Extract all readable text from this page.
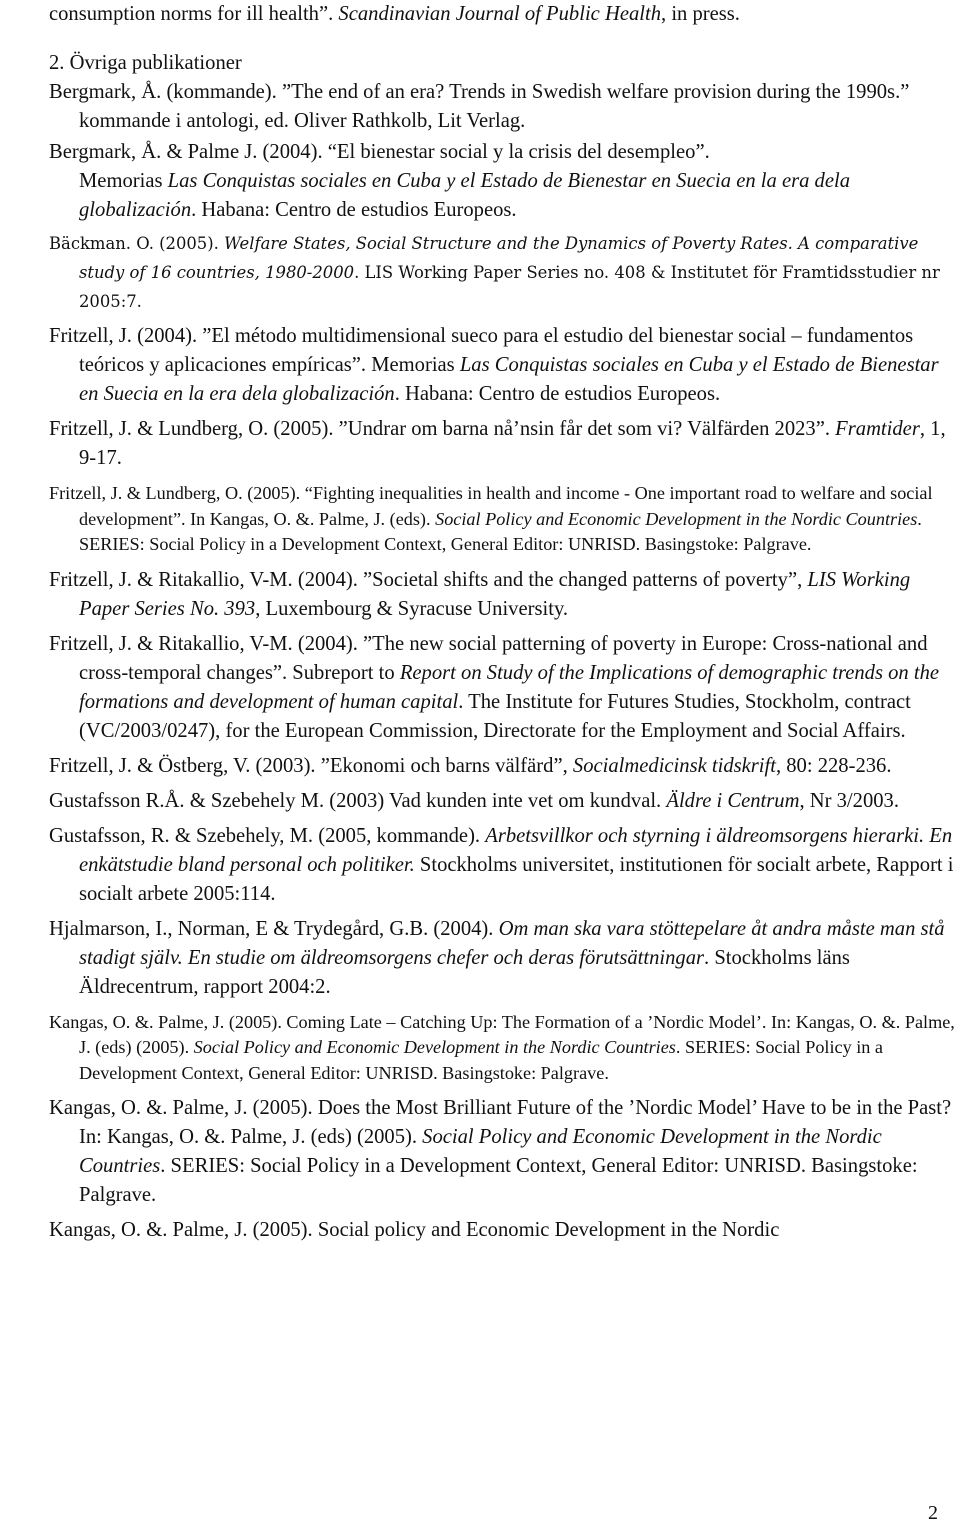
consumption norms for ill health”. Scandinavian Journal of Public Health, in press.

2. Övriga publikationer

Bergmark, Å. (kommande). ”The end of an era? Trends in Swedish welfare provision during the 1990s.” kommande i antologi, ed. Oliver Rathkolb, Lit Verlag.

Bergmark, Å. & Palme J. (2004). “El bienestar social y la crisis del desempleo”.

Memorias Las Conquistas sociales en Cuba y el Estado de Bienestar en Suecia en la era dela globalización. Habana: Centro de estudios Europeos.

Bäckman. O. (2005). Welfare States, Social Structure and the Dynamics of Poverty Rates. A comparative study of 16 countries, 1980-2000. LIS Working Paper Series no. 408 & Institutet för Framtidsstudier nr 2005:7.

Fritzell, J. (2004). ”El método multidimensional sueco para el estudio del bienestar social – fundamentos teóricos y aplicaciones empíricas”. Memorias Las Conquistas sociales en Cuba y el Estado de Bienestar en Suecia en la era dela globalización. Habana: Centro de estudios Europeos.

Fritzell, J. & Lundberg, O. (2005). ”Undrar om barna nå’nsin får det som vi? Välfärden 2023”. Framtider, 1, 9-17.

Fritzell, J. & Lundberg, O. (2005). “Fighting inequalities in health and income - One important road to welfare and social development”. In Kangas, O. &. Palme, J. (eds). Social Policy and Economic Development in the Nordic Countries. SERIES: Social Policy in a Development Context, General Editor: UNRISD. Basingstoke: Palgrave.

Fritzell, J. & Ritakallio, V-M. (2004). ”Societal shifts and the changed patterns of poverty”, LIS Working Paper Series No. 393, Luxembourg & Syracuse University.

Fritzell, J. & Ritakallio, V-M. (2004). ”The new social patterning of poverty in Europe: Cross-national and cross-temporal changes”. Subreport to Report on Study of the Implications of demographic trends on the formations and development of human capital. The Institute for Futures Studies, Stockholm, contract (VC/2003/0247), for the European Commission, Directorate for the Employment and Social Affairs.

Fritzell, J. & Östberg, V. (2003). ”Ekonomi och barns välfärd”, Socialmedicinsk tidskrift, 80: 228-236.

Gustafsson R.Å. & Szebehely M. (2003) Vad kunden inte vet om kundval. Äldre i Centrum, Nr 3/2003.

Gustafsson, R. & Szebehely, M. (2005, kommande). Arbetsvillkor och styrning i äldreomsorgens hierarki. En enkätstudie bland personal och politiker. Stockholms universitet, institutionen för socialt arbete, Rapport i socialt arbete 2005:114.

Hjalmarson, I., Norman, E & Trydegård, G.B. (2004). Om man ska vara stöttepelare åt andra måste man stå stadigt själv. En studie om äldreomsorgens chefer och deras förutsättningar. Stockholms läns Äldrecentrum, rapport 2004:2.

Kangas, O. &. Palme, J. (2005). Coming Late – Catching Up: The Formation of a ’Nordic Model’. In: Kangas, O. &. Palme, J. (eds) (2005). Social Policy and Economic Development in the Nordic Countries. SERIES: Social Policy in a Development Context, General Editor: UNRISD. Basingstoke: Palgrave.

Kangas, O. &. Palme, J. (2005). Does the Most Brilliant Future of the ’Nordic Model’ Have to be in the Past? In: Kangas, O. &. Palme, J. (eds) (2005). Social Policy and Economic Development in the Nordic Countries. SERIES: Social Policy in a Development Context, General Editor: UNRISD. Basingstoke: Palgrave.

Kangas, O. &. Palme, J. (2005). Social policy and Economic Development in the Nordic

2
